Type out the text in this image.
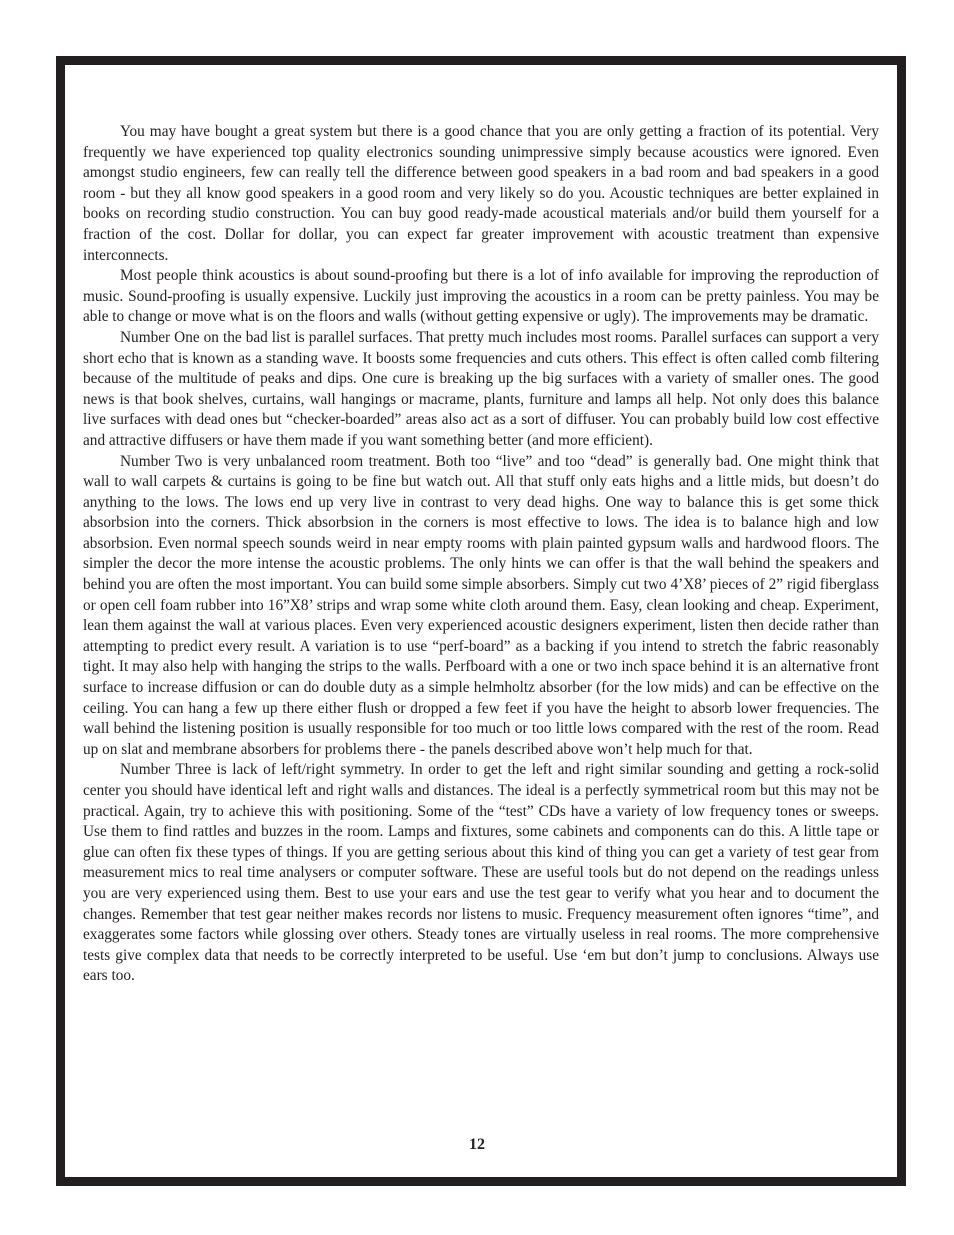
You may have bought a great system but there is a good chance that you are only getting a fraction of its potential. Very frequently we have experienced top quality electronics sounding unimpressive simply because acoustics were ignored. Even amongst studio engineers, few can really tell the difference between good speakers in a bad room and bad speakers in a good room - but they all know good speakers in a good room and very likely so do you. Acoustic techniques are better explained in books on recording studio construction. You can buy good ready-made acoustical materials and/or build them yourself for a fraction of the cost. Dollar for dollar, you can expect far greater improvement with acoustic treatment than expensive interconnects.

Most people think acoustics is about sound-proofing but there is a lot of info available for improving the reproduction of music. Sound-proofing is usually expensive. Luckily just improving the acoustics in a room can be pretty painless. You may be able to change or move what is on the floors and walls (without getting expensive or ugly). The improvements may be dramatic.

Number One on the bad list is parallel surfaces. That pretty much includes most rooms. Parallel surfaces can support a very short echo that is known as a standing wave. It boosts some frequencies and cuts others. This effect is often called comb filtering because of the multitude of peaks and dips. One cure is breaking up the big surfaces with a variety of smaller ones. The good news is that book shelves, curtains, wall hangings or macrame, plants, furniture and lamps all help. Not only does this balance live surfaces with dead ones but “checker-boarded” areas also act as a sort of diffuser. You can probably build low cost effective and attractive diffusers or have them made if you want something better (and more efficient).

Number Two is very unbalanced room treatment. Both too “live” and too “dead” is generally bad. One might think that wall to wall carpets & curtains is going to be fine but watch out. All that stuff only eats highs and a little mids, but doesn’t do anything to the lows. The lows end up very live in contrast to very dead highs. One way to balance this is get some thick absorbsion into the corners. Thick absorbsion in the corners is most effective to lows. The idea is to balance high and low absorbsion. Even normal speech sounds weird in near empty rooms with plain painted gypsum walls and hardwood floors. The simpler the decor the more intense the acoustic problems. The only hints we can offer is that the wall behind the speakers and behind you are often the most important. You can build some simple absorbers. Simply cut two 4’X8’ pieces of 2” rigid fiberglass or open cell foam rubber into 16”X8’ strips and wrap some white cloth around them. Easy, clean looking and cheap. Experiment, lean them against the wall at various places. Even very experienced acoustic designers experiment, listen then decide rather than attempting to predict every result. A variation is to use “perf-board” as a backing if you intend to stretch the fabric reasonably tight. It may also help with hanging the strips to the walls. Perfboard with a one or two inch space behind it is an alternative front surface to increase diffusion or can do double duty as a simple helmholtz absorber (for the low mids) and can be effective on the ceiling. You can hang a few up there either flush or dropped a few feet if you have the height to absorb lower frequencies. The wall behind the listening position is usually responsible for too much or too little lows compared with the rest of the room. Read up on slat and membrane absorbers for problems there - the panels described above won’t help much for that.

Number Three is lack of left/right symmetry. In order to get the left and right similar sounding and getting a rock-solid center you should have identical left and right walls and distances. The ideal is a perfectly symmetrical room but this may not be practical. Again, try to achieve this with positioning. Some of the “test” CDs have a variety of low frequency tones or sweeps. Use them to find rattles and buzzes in the room. Lamps and fixtures, some cabinets and components can do this. A little tape or glue can often fix these types of things. If you are getting serious about this kind of thing you can get a variety of test gear from measurement mics to real time analysers or computer software. These are useful tools but do not depend on the readings unless you are very experienced using them. Best to use your ears and use the test gear to verify what you hear and to document the changes. Remember that test gear neither makes records nor listens to music. Frequency measurement often ignores “time”, and exaggerates some factors while glossing over others. Steady tones are virtually useless in real rooms. The more comprehensive tests give complex data that needs to be correctly interpreted to be useful. Use ‘em but don’t jump to conclusions. Always use ears too.

12
